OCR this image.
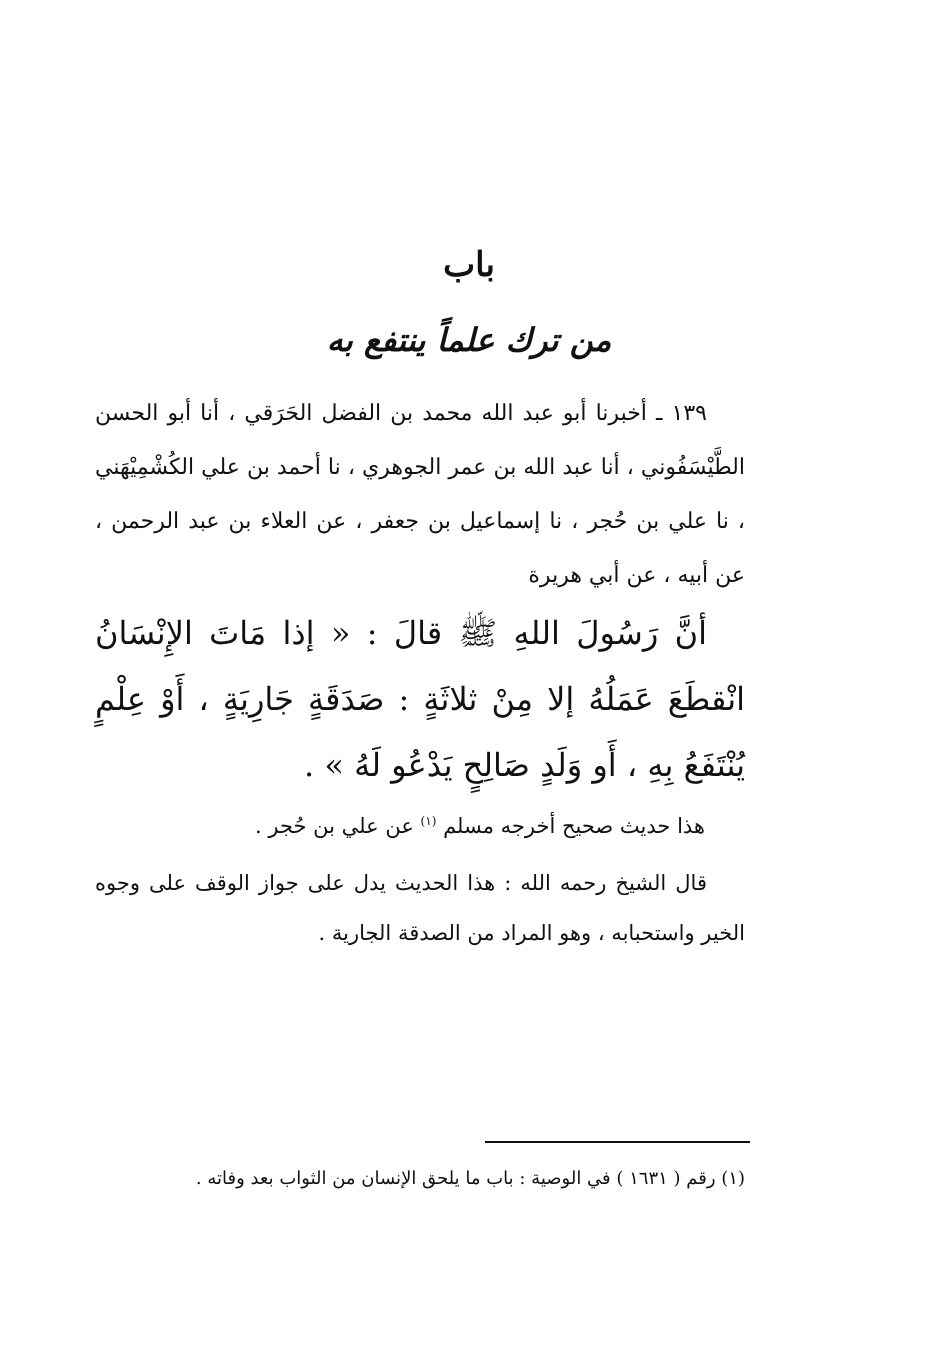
باب
من ترك علماً ينتفع به

١٣٩ ـ أخبرنا أبو عبد الله محمد بن الفضل الحَرَقي ، أنا أبو الحسن الطَّيْسَفُوني ، أنا عبد الله بن عمر الجوهري ، نا أحمد بن علي الكُشْمِيْهَني ، نا علي بن حُجر ، نا إسماعيل بن جعفر ، عن العلاء بن عبد الرحمن ، عن أبيه ، عن أبي هريرة

أنَّ رَسُولَ اللهِ ﷺ قالَ : « إذا مَاتَ الإِنْسَانُ انْقطَعَ عَمَلُهُ إلا مِنْ ثلاثَةٍ : صَدَقَةٍ جَارِيَةٍ ، أَوْ عِلْمٍ يُنْتَفَعُ بِهِ ، أَو وَلَدٍ صَالِحٍ يَدْعُو لَهُ » .

هذا حديث صحيح أخرجه مسلم $^{(١)}$ عن علي بن حُجر .

قال الشيخ رحمه الله : هذا الحديث يدل على جواز الوقف على وجوه الخير واستحبابه ، وهو المراد من الصدقة الجارية .

(١) رقم ( ١٦٣١ ) في الوصية : باب ما يلحق الإنسان من الثواب بعد وفاته .
